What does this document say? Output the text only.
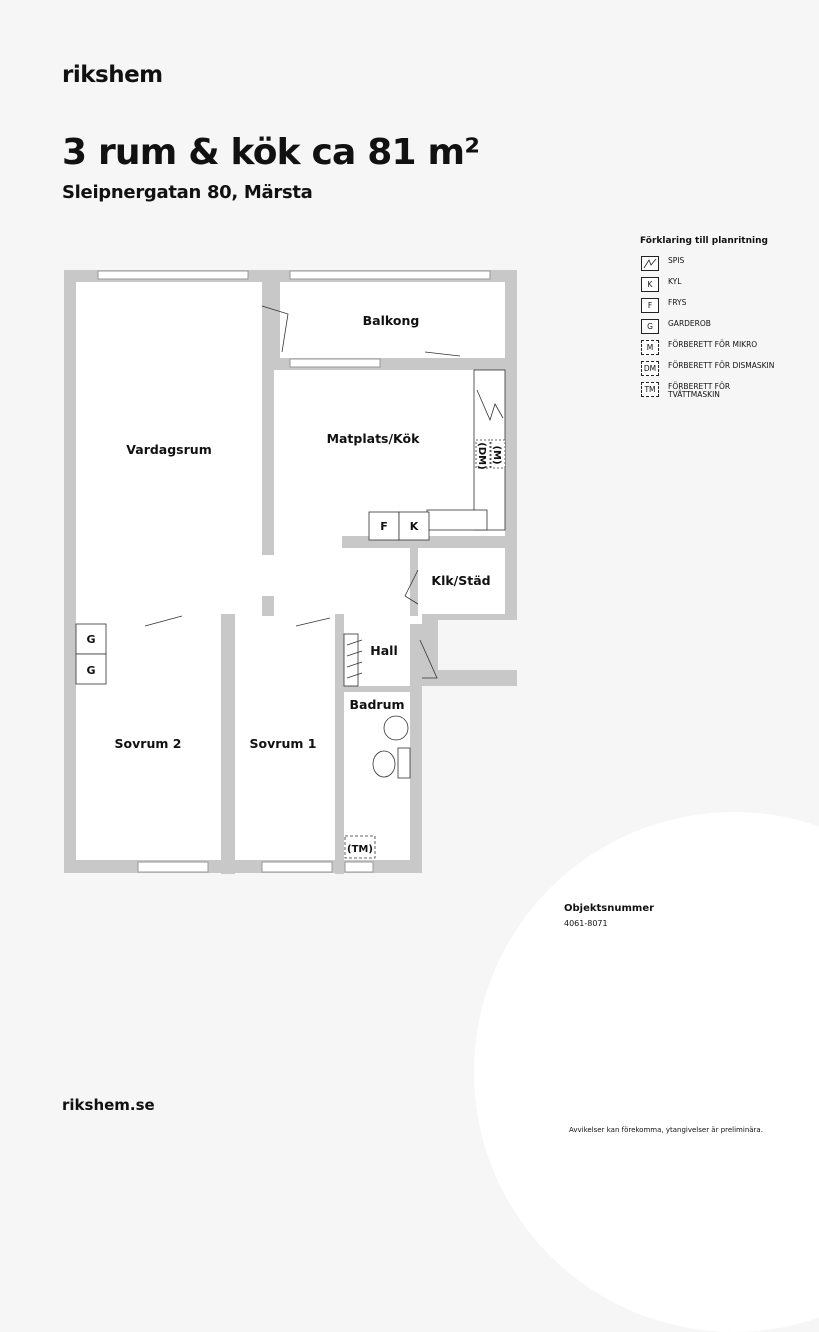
rikshem
3 rum & kök ca 81 m²
Sleipnergatan 80, Märsta
Förklaring till planritning
SPIS
K	KYL
F	FRYS
G	GARDEROB
M	FÖRBERETT FÖR MIKRO
DM	FÖRBERETT FÖR DISMASKIN
TM	FÖRBERETT FÖR TVÄTTMASKIN
Balkong
Vardagsrum
Matplats/Kök
Klk/Städ
Hall
Badrum
Sovrum 2	Sovrum 1
F K
G
G
(DM) (M)
(TM)
Objektsnummer
4061-8071
Avvikelser kan förekomma, ytangivelser är preliminära.
rikshem.se
